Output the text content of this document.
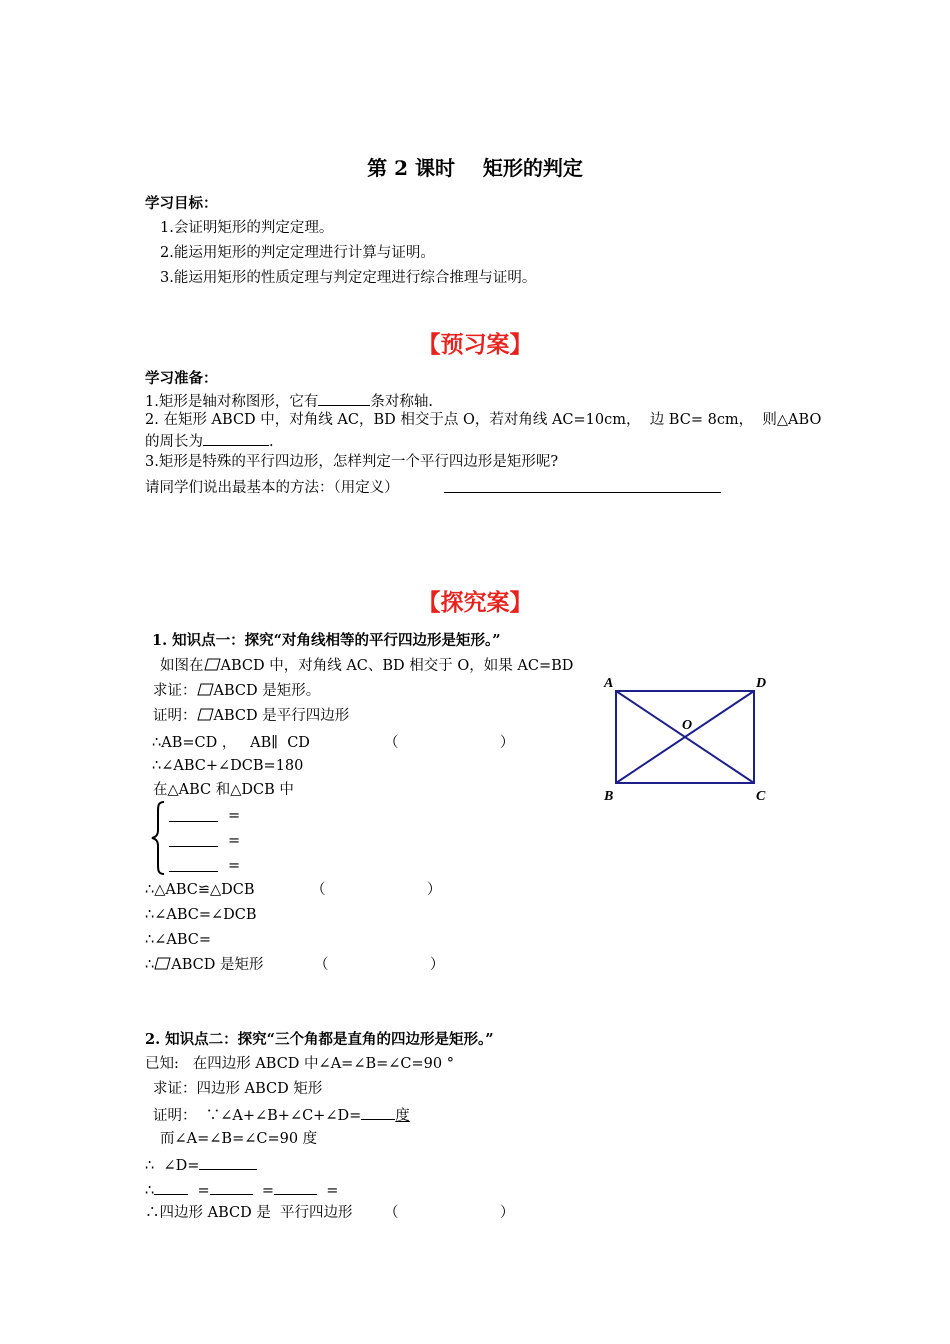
第 2 课时    矩形的判定
学习目标：
1.会证明矩形的判定定理。
2.能运用矩形的判定定理进行计算与证明。
3.能运用矩形的性质定理与判定定理进行综合推理与证明。
【预习案】
学习准备：
1.矩形是轴对称图形，它有	条对称轴.
2. 在矩形 ABCD 中，对角线 AC，BD 相交于点 O，若对角线 AC=10cm，  边 BC= 8cm，  则△ABO
的周长为	.
3.矩形是特殊的平行四边形，怎样判定一个平行四边形是矩形呢?
请同学们说出最基本的方法：（用定义）
【探究案】
1. 知识点一：探究“对角线相等的平行四边形是矩形。”
如图在 ABCD 中，对角线 AC、BD 相交于 O，如果 AC=BD
求证： ABCD 是矩形。
证明： ABCD 是平行四边形
∴AB=CD ，   AB∥  CD	（                      ）
∴∠ABC+∠DCB=180
在△ABC 和△DCB 中
=
=
=
∴△ABC≌△DCB	（                      ）
∴∠ABC=∠DCB
∴∠ABC=
∴ ABCD 是矩形	（                      ）
A	D
B	C
O
2. 知识点二：探究“三个角都是直角的四边形是矩形。”
已知:   在四边形 ABCD 中∠A=∠B=∠C=90 °
求证：四边形 ABCD 矩形
证明：  ∵∠A+∠B+∠C+∠D= 度
而∠A=∠B=∠C=90 度
∴  ∠D=
∴	=	=	=
∴四边形 ABCD 是  平行四边形 （                      ）
